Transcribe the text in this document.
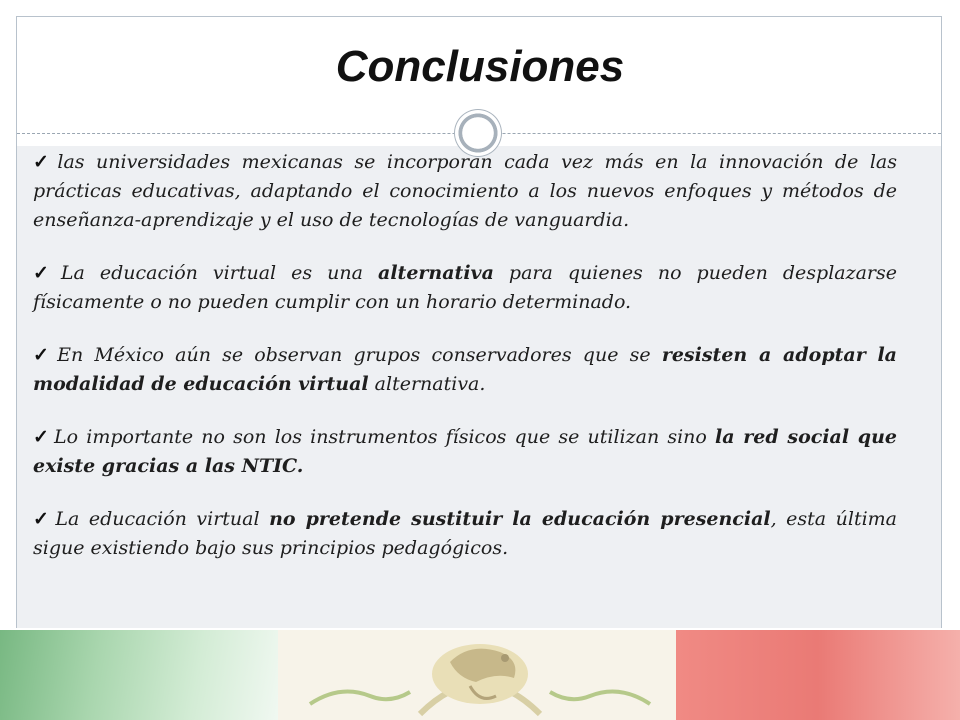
Conclusiones
✓ las universidades mexicanas se incorporan cada vez más en la innovación de las prácticas educativas, adaptando el conocimiento a los nuevos enfoques y métodos de enseñanza-aprendizaje y el uso de tecnologías de vanguardia.
✓ La educación virtual es una alternativa para quienes no pueden desplazarse físicamente o no pueden cumplir con un horario determinado.
✓ En México aún se observan grupos conservadores que se resisten a adoptar la modalidad de educación virtual alternativa.
✓ Lo importante no son los instrumentos físicos que se utilizan sino la red social que existe gracias a las NTIC.
✓ La educación virtual no pretende sustituir la educación presencial, esta última sigue existiendo bajo sus principios pedagógicos.
